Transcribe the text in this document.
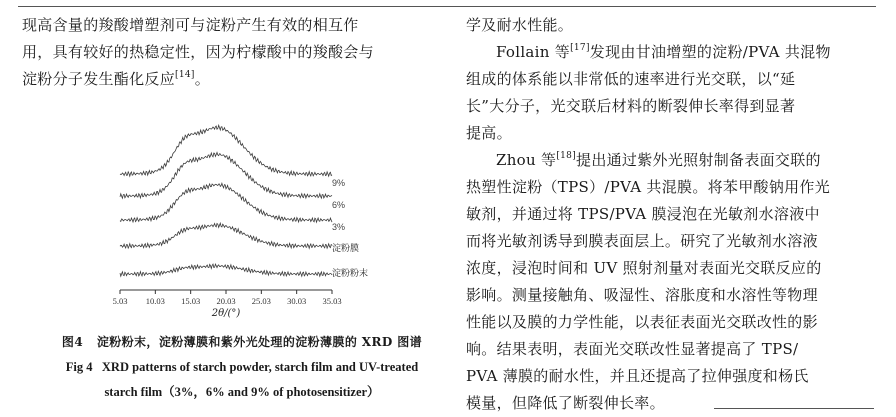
现高含量的羧酸增塑剂可与淀粉产生有效的相互作
用，具有较好的热稳定性，因为柠檬酸中的羧酸会与
淀粉分子发生酯化反应[14]。

9%
6%
3%
淀粉膜
淀粉粉末
5.03 10.03 15.03 20.03 25.03 30.03 35.03
2θ/(°)
图4 淀粉粉末，淀粉薄膜和紫外光处理的淀粉薄膜的 XRD 图谱
Fig 4 XRD patterns of starch powder, starch film and UV-treated
starch film（3%，6% and 9% of photosensitizer）

学及耐水性能。

Follain 等[17]发现由甘油增塑的淀粉/PVA 共混物
组成的体系能以非常低的速率进行光交联，以“延
长”大分子，光交联后材料的断裂伸长率得到显著
提高。

Zhou 等[18]提出通过紫外光照射制备表面交联的
热塑性淀粉（TPS）/PVA 共混膜。将苯甲酸钠用作光
敏剂，并通过将 TPS/PVA 膜浸泡在光敏剂水溶液中
而将光敏剂诱导到膜表面层上。研究了光敏剂水溶液
浓度，浸泡时间和 UV 照射剂量对表面光交联反应的
影响。测量接触角、吸湿性、溶胀度和水溶性等物理
性能以及膜的力学性能，以表征表面光交联改性的影
响。结果表明，表面光交联改性显著提高了 TPS/
PVA 薄膜的耐水性，并且还提高了拉伸强度和杨氏
模量，但降低了断裂伸长率。
